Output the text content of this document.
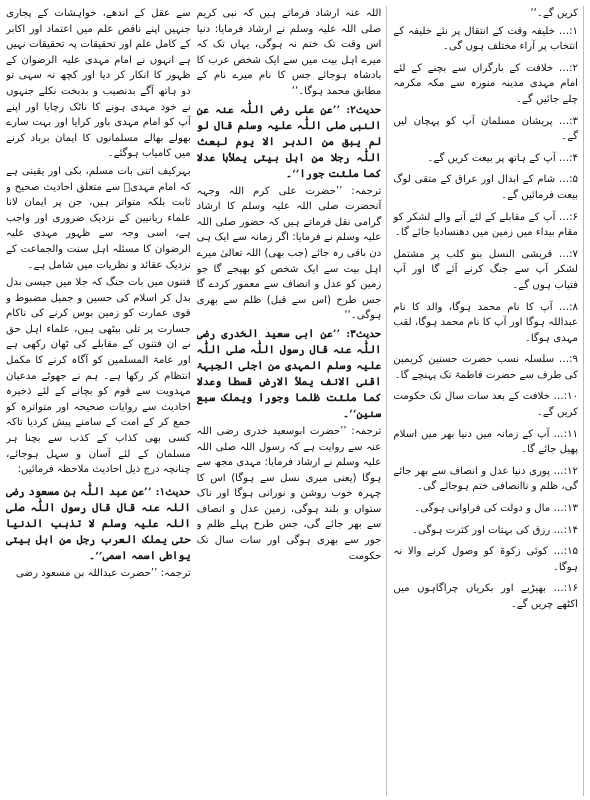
سے عقل کے اندھے، خواہشات کے پجاری جنہیں اپنے ناقص علم میں اعتماد اور اکابر کے کامل علم اور تحقیقات پہ تحقیقات نہیں ہے انہوں نے امام مہدی علیہ الرضوان کے ظہور کا انکار کر دیا اور کچھ نہ سہی تو دو ہاتھ آگے بدنصیب و بدبخت نکلے جنہوں نے خود مہدی ہونے کا ناٹک رچایا اور اپنے آپ کو امام مہدی باور کرایا اور بہت سارے بھولے بھالے مسلمانوں کا ایمان برباد کرنے میں کامیاب ہوگئے۔
بہرکیف اتنی بات مسلم، بکی اور یقینی ہے کہ امام مہدیؑ سے متعلق احادیث صحیح و ثابت بلکہ متواتر ہیں، جن پر ایمان لانا علماء ربانیین کے نزدیک ضروری اور واجب ہے، اسی وجہ سے ظہور مہدی علیہ الرضوان کا مسئلہ اہل سنت والجماعت کے نزدیک عقائد و نظریات میں شامل ہے۔
فتنوں میں بات جنگ کہ جلا میں جیسی بدل بدل کر اسلام کی حسین و جمیل مضبوط و قوی عمارت کو زمین بوس کرنے کی ناکام جسارت پر تلی بیٹھی ہیں، علماء اہل حق نے ان فتنوں کے مقابلے کی ٹھان رکھی ہے اور عامۃ المسلمین کو آگاہ کرنے کا مکمل انتظام کر رکھا ہے۔ ہم نے جھوٹے مدعیان مہدویت سے قوم کو بچانے کے لئے ذخیرہ احادیث سے روایات صحیحہ اور متواترہ کو جمع کر کے امت کے سامنے پیش کردیا تاکہ کسی بھی کذاب کے کذب سے بچنا ہر مسلمان کے لئے آسان و سہل ہوجائے، چنانچہ درج ذیل احادیث ملاحظہ فرمائیں:
حدیث۱: ’’عن عبد اللّٰہ بن مسعود رضی اللہ عنہ قال قال رسول اللّٰہ صلی اللہ علیہ وسلم لا تذہب الدنیا حتی یملک العرب رجل من اہل بیتی یواطی اسمہ اسمی‘‘۔
ترجمہ: ’’حضرت عبداللہ بن مسعود رضی
اللہ عنہ ارشاد فرماتے ہیں کہ نبی کریم صلی اللہ علیہ وسلم نے ارشاد فرمایا: دنیا اس وقت تک ختم نہ ہوگی، یہاں تک کہ میرے اہل بیت میں سے ایک شخص عرب کا بادشاہ ہوجائے جس کا نام میرے نام کے مطابق محمد ہوگا۔‘‘
حدیث۲: ’’عن علی رضی اللّٰہ عنہ عن النبی صلی اللّٰہ علیہ وسلم قال لو لم یبق من الدہر الا یوم لبعث اللّٰہ رجلا من اہل بیتی یملأہا عدلا کما ملئت جورا‘‘۔
ترجمہ: ’’حضرت علی کرم اللہ وجہہ آنحضرت صلی اللہ علیہ وسلم کا ارشاد گرامی نقل فرماتے ہیں کہ حضور صلی اللہ علیہ وسلم نے فرمایا: اگر زمانہ سے ایک ہی دن باقی رہ جائے (جب بھی) اللہ تعالیٰ میرے اہل بیت سے ایک شخص کو بھیجے گا جو زمین کو عدل و انصاف سے معمور کردے گا جس طرح (اس سے قبل) ظلم سے بھری ہوگی۔‘‘
حدیث۳: ’’عن ابی سعید الخدری رضی اللّٰہ عنہ قال رسول اللّٰہ صلی اللّٰہ علیہ وسلم المہدی من اجلی الجبہۃ اقنی الانف یملأ الارض قسطا وعدلا کما ملئت ظلما وجورا ویملک سبع سنین‘‘۔
ترجمہ: ’’حضرت ابوسعید خدری رضی اللہ عنہ سے روایت ہے کہ رسول اللہ صلی اللہ علیہ وسلم نے ارشاد فرمایا: مہدی مجھ سے ہوگا (یعنی میری نسل سے ہوگا) اس کا چہرہ خوب روشن و نورانی ہوگا اور ناک ستواں و بلند ہوگی، زمین عدل و انصاف سے بھر جائے گی، جس طرح پہلے ظلم و جور سے بھری ہوگی اور سات سال تک حکومت
کریں گے۔‘‘
۱:… خلیفہ وقت کے انتقال پر نئے خلیفہ کے انتخاب پر آراء مختلف ہوں گی۔
۲:… خلافت کے بارگراں سے بچنے کے لئے امام مہدی مدینہ منورہ سے مکہ مکرمہ چلے جائیں گے۔
۳:… پریشان مسلمان آپ کو پہچان لیں گے۔
۴:… آپ کے ہاتھ پر بیعت کریں گے۔
۵:… شام کے ابدال اور عراق کے متقی لوگ بیعت فرمائیں گے۔
۶:… آپ کے مقابلے کے لئے آنے والے لشکر کو مقام بیداء میں زمین میں دھنسادیا جائے گا۔
۷:… قریشی النسل بنو کلب پر مشتمل لشکر آپ سے جنگ کرنے آئے گا اور آپ فتیاب ہوں گے۔
۸:… آپ کا نام محمد ہوگا، والد کا نام عبداللہ ہوگا اور آپ کا نام محمد ہوگا، لقب مہدی ہوگا۔
۹:… سلسلہ نسب حضرت حسنین کریمین کی طرف سے حضرت فاطمۃ تک پہنچے گا۔
۱۰:… خلافت کے بعد سات سال تک حکومت کریں گے۔
۱۱:… آپ کے زمانہ میں دنیا بھر میں اسلام پھیل جائے گا۔
۱۲:… پوری دنیا عدل و انصاف سے بھر جائے گی، ظلم و ناانصافی ختم ہوجائے گی۔
۱۳:… مال و دولت کی فراوانی ہوگی۔
۱۴:… رزق کی بہتات اور کثرت ہوگی۔
۱۵:… کوئی زکوۃ کو وصول کرنے والا نہ ہوگا۔
۱۶:… بھیڑیے اور بکریاں چراگاہوں میں اکٹھے چریں گے۔
